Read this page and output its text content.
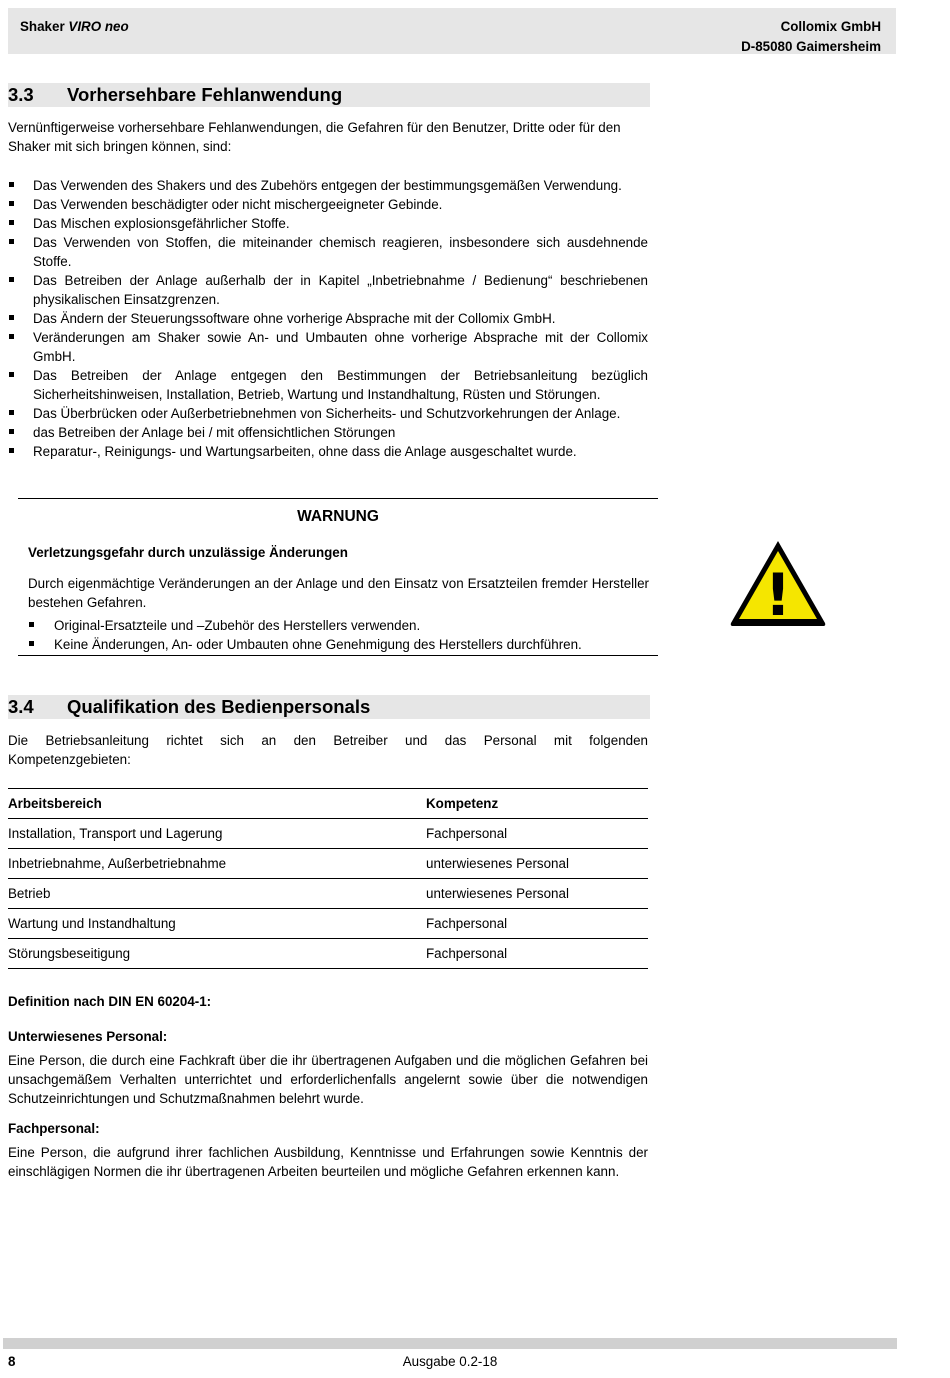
Shaker VIRO neo	Collomix GmbH
D-85080 Gaimersheim
3.3 Vorhersehbare Fehlanwendung

Vernünftigerweise vorhersehbare Fehlanwendungen, die Gefahren für den Benutzer, Dritte oder für den Shaker mit sich bringen können, sind:

Das Verwenden des Shakers und des Zubehörs entgegen der bestimmungsgemäßen Verwendung.
Das Verwenden beschädigter oder nicht mischergeeigneter Gebinde.
Das Mischen explosionsgefährlicher Stoffe.
Das Verwenden von Stoffen, die miteinander chemisch reagieren, insbesondere sich ausdehnende Stoffe.
Das Betreiben der Anlage außerhalb der in Kapitel „Inbetriebnahme / Bedienung“ beschriebenen physikalischen Einsatzgrenzen.
Das Ändern der Steuerungssoftware ohne vorherige Absprache mit der Collomix GmbH.
Veränderungen am Shaker sowie An- und Umbauten ohne vorherige Absprache mit der Collomix GmbH.
Das Betreiben der Anlage entgegen den Bestimmungen der Betriebsanleitung bezüglich Sicherheitshinweisen, Installation, Betrieb, Wartung und Instandhaltung, Rüsten und Störungen.
Das Überbrücken oder Außerbetriebnehmen von Sicherheits- und Schutzvorkehrungen der Anlage.
das Betreiben der Anlage bei / mit offensichtlichen Störungen
Reparatur-, Reinigungs- und Wartungsarbeiten, ohne dass die Anlage ausgeschaltet wurde.
WARNUNG
Verletzungsgefahr durch unzulässige Änderungen

Durch eigenmächtige Veränderungen an der Anlage und den Einsatz von Ersatzteilen fremder Hersteller bestehen Gefahren.

Original-Ersatzteile und –Zubehör des Herstellers verwenden.
Keine Änderungen, An- oder Umbauten ohne Genehmigung des Herstellers durchführen.
!
3.4 Qualifikation des Bedienpersonals

Die Betriebsanleitung richtet sich an den Betreiber und das Personal mit folgenden Kompetenzgebieten:

Arbeitsbereich	Kompetenz
Installation, Transport und Lagerung	Fachpersonal
Inbetriebnahme, Außerbetriebnahme	unterwiesenes Personal
Betrieb	unterwiesenes Personal
Wartung und Instandhaltung	Fachpersonal
Störungsbeseitigung	Fachpersonal
Definition nach DIN EN 60204-1:
Unterwiesenes Personal:

Eine Person, die durch eine Fachkraft über die ihr übertragenen Aufgaben und die möglichen Gefahren bei unsachgemäßem Verhalten unterrichtet und erforderlichenfalls angelernt sowie über die notwendigen Schutzeinrichtungen und Schutzmaßnahmen belehrt wurde.

Fachpersonal:

Eine Person, die aufgrund ihrer fachlichen Ausbildung, Kenntnisse und Erfahrungen sowie Kenntnis der einschlägigen Normen die ihr übertragenen Arbeiten beurteilen und mögliche Gefahren erkennen kann.

8	Ausgabe 0.2-18
